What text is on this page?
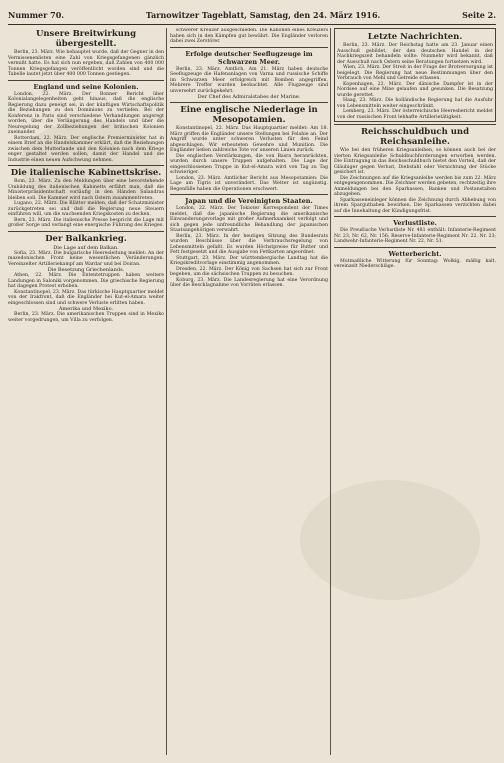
Nummer 70.	Tarnowitzer Tageblatt, Samstag, den 24. März 1916.	Seite 2.
Unsere Breitwirkung übergestellt.

Berlin, 23. März. Wie behauptet wurde, daß der Gegner in den Vermissenenlisten eine Zahl von Kriegsgefangenen gänzlich vermißt hatte. Es hat sich nun ergeben, daß Zahlen von 400 000 Tonnen Kriegsgefangen veröffentlicht worden sind und die Tabelle lautet jetzt über 400 000 Tonnen gestiegen.

England und seine Kolonien.

London, 22. März. Der Bonner Bericht über Kolonialangelegenheiten geht hinaus, daß die englische Regierung dazu geneigt sei, in der künftigen Wirtschaftspolitik die Beziehungen zu den Dominions zu vertiefen. Bei der Konferenz in Paris sind verschiedene Verhandlungen angeregt worden, über die Verlängerung des Handels und über die Neuregelung der Zollbeziehungen der britischen Kolonien zueinander.

Rotterdam, 22. März. Der englische Premierminister hat in einem Brief an die Handelskammer erklärt, daß die Beziehungen zwischen dem Mutterlande und den Kolonien nach dem Kriege enger gestaltet werden sollen, damit der Handel und die Industrie einen neuen Aufschwung nehmen.

Die italienische Kabinettskrise.

Rom, 23. März. Zu den Meldungen über eine bevorstehende Umbildung des italienischen Kabinetts erfährt man, daß die Ministerpräsidentschaft vorläufig in den Händen Salandras bleiben soll. Die Kammer wird nach Ostern zusammentreten.

Lugano, 22. März. Die Blätter melden, daß der Schatzminister zurückgetreten sei und daß die Regierung neue Steuern einführen will, um die wachsenden Kriegskosten zu decken.

Bern, 23. März. Die italienische Presse bespricht die Lage mit großer Sorge und verlangt eine energische Führung des Krieges.

Der Balkankrieg.
Die Lage auf dem Balkan.

Sofia, 23. März. Die bulgarische Heeresleitung meldet: An der mazedonischen Front keine wesentlichen Veränderungen. Vereinzelter Artilleriekampf am Wardar und bei Doiran.

Die Besetzung Griechenlands.

Athen, 22. März. Die Ententetruppen haben weitere Landungen in Saloniki vorgenommen. Die griechische Regierung hat dagegen Protest erhoben.

Konstantinopel, 23. März. Das türkische Hauptquartier meldet von der Irakfront, daß die Engländer bei Kut-el-Amara weiter eingeschlossen sind und schwere Verluste erlitten haben.

Amerika und Mexiko.

Berlin, 23. März. Die amerikanischen Truppen sind in Mexiko weiter vorgedrungen, um Villa zu verfolgen.

schwerer Kreuzer ausgeschieden. Die Kanonen eines Kreuzers haben sich in den Kämpfen gut bewährt. Die Engländer verloren dabei zwei Zerstörer.

Erfolge deutscher Seeflugzeuge im Schwarzen Meer.

Berlin, 23. März. Amtlich. Am 21. März haben deutsche Seeflugzeuge die Hafenanlagen von Varna und russische Schiffe im Schwarzen Meer erfolgreich mit Bomben angegriffen. Mehrere Treffer wurden beobachtet. Alle Flugzeuge sind unversehrt zurückgekehrt.

Der Chef des Admiralstabes der Marine.
Eine englische Niederlage in Mesopotamien.

Konstantinopel, 22. März. Das Hauptquartier meldet: Am 18. März griffen die Engländer unsere Stellungen bei Felahie an. Der Angriff wurde unter schweren Verlusten für den Feind abgeschlagen. Wir erbeuteten Gewehre und Munition. Die Engländer ließen zahlreiche Tote vor unseren Linien zurück.

Die englischen Verstärkungen, die von Basra heranrückten, wurden durch unsere Truppen aufgehalten. Die Lage der eingeschlossenen Truppe in Kut-el-Amara wird von Tag zu Tag schwieriger.

London, 23. März. Amtlicher Bericht aus Mesopotamien: Die Lage am Tigris ist unverändert. Das Wetter ist ungünstig. Regenfälle haben die Operationen erschwert.

Japan und die Vereinigten Staaten.

London, 22. März. Der Tokioter Korrespondent der Times meldet, daß die japanische Regierung die amerikanische Einwanderungsvorlage mit großer Aufmerksamkeit verfolgt und sich gegen jede unfreundliche Behandlung der japanischen Staatsangehörigen verwahrt.

Berlin, 23. März. In der heutigen Sitzung des Bundesrats wurden Beschlüsse über die Verbrauchsregelung von Lebensmitteln gefaßt. Es wurden Höchstpreise für Butter und Fett festgesetzt und die Ausgabe von Fettkarten angeordnet.

Stuttgart, 23. März. Der württembergische Landtag hat die Kriegskreditvorlage einstimmig angenommen.

Dresden, 22. März. Der König von Sachsen hat sich zur Front begeben, um die sächsischen Truppen zu besuchen.

Koburg, 23. März. Die Landesregierung hat eine Verordnung über die Beschlagnahme von Vorräten erlassen.

Letzte Nachrichten.

Berlin, 23. März. Der Reichstag hatte am 23. Januar einen Ausschuß gebildet, der den deutschen Handel in der Nachkriegszeit behandeln sollte. Nunmehr wird bekannt, daß der Ausschuß nach Ostern seine Beratungen fortsetzen wird.

Wien, 23. März. Der Streit in der Frage der Brotversorgung ist beigelegt. Die Regierung hat neue Bestimmungen über den Verbrauch von Mehl und Getreide erlassen.

Kopenhagen, 22. März. Der dänische Dampfer ist in der Nordsee auf eine Mine gelaufen und gesunken. Die Besatzung wurde gerettet.

Haag, 23. März. Die holländische Regierung hat die Ausfuhr von Lebensmitteln weiter eingeschränkt.

Lemberg, 23. März. Der österreichische Heeresbericht meldet von der russischen Front lebhafte Artillerietätigkeit.

Reichsschuldbuch und Reichsanleihe.

Wie bei den früheren Kriegsanleihen, so können auch bei der vierten Kriegsanleihe Schuldbuchforderungen erworben werden. Die Eintragung in das Reichsschuldbuch bietet den Vorteil, daß der Gläubiger gegen Verlust, Diebstahl oder Vernichtung der Stücke gesichert ist.

Die Zeichnungen auf die Kriegsanleihe werden bis zum 22. März entgegengenommen. Die Zeichner werden gebeten, rechtzeitig ihre Anmeldungen bei den Sparkassen, Banken und Postanstalten abzugeben.

Sparkasseneinleger können die Zeichnung durch Abhebung von ihrem Sparguthaben bewirken. Die Sparkassen verzichten dabei auf die Innehaltung der Kündigungsfrist.

Verlustliste.

Die Preußische Verlustliste Nr. 481 enthält: Infanterie-Regiment Nr. 23, Nr. 62, Nr. 156; Reserve-Infanterie-Regiment Nr. 22, Nr. 23; Landwehr-Infanterie-Regiment Nr. 22, Nr. 51.

Wetterbericht.

Mutmaßliche Witterung für Sonntag: Wolkig, mäßig kalt, vereinzelt Niederschläge.
